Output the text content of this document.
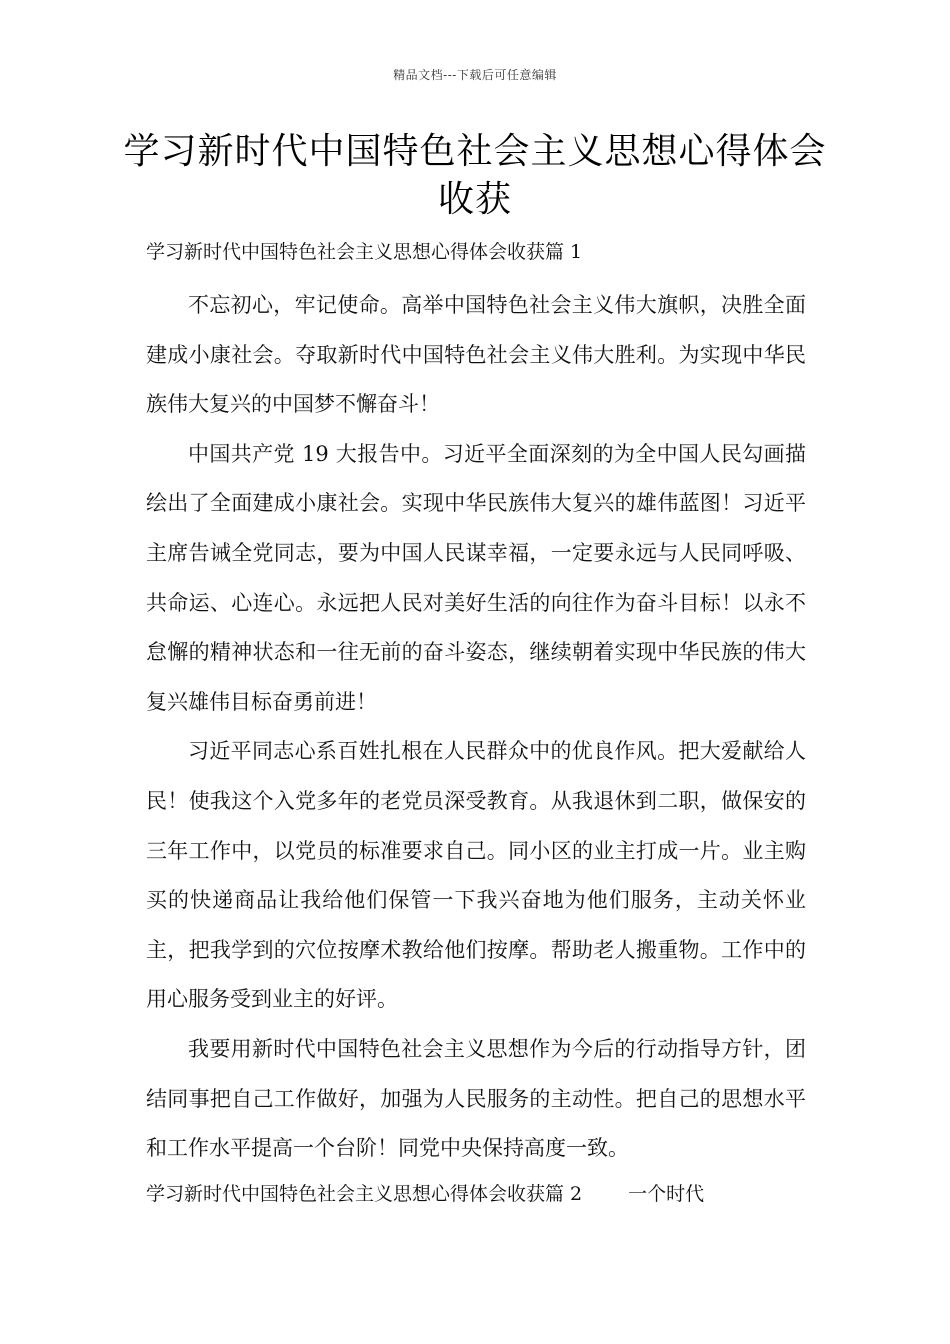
精品文档---下载后可任意编辑
学习新时代中国特色社会主义思想心得体会收获

学习新时代中国特色社会主义思想心得体会收获篇 1

不忘初心，牢记使命。高举中国特色社会主义伟大旗帜，决胜全面建成小康社会。夺取新时代中国特色社会主义伟大胜利。为实现中华民族伟大复兴的中国梦不懈奋斗！

中国共产党 19 大报告中。习近平全面深刻的为全中国人民勾画描绘出了全面建成小康社会。实现中华民族伟大复兴的雄伟蓝图！习近平主席告诫全党同志，要为中国人民谋幸福，一定要永远与人民同呼吸、共命运、心连心。永远把人民对美好生活的向往作为奋斗目标！以永不怠懈的精神状态和一往无前的奋斗姿态，继续朝着实现中华民族的伟大复兴雄伟目标奋勇前进！

习近平同志心系百姓扎根在人民群众中的优良作风。把大爱献给人民！使我这个入党多年的老党员深受教育。从我退休到二职，做保安的三年工作中，以党员的标准要求自己。同小区的业主打成一片。业主购买的快递商品让我给他们保管一下我兴奋地为他们服务，主动关怀业主，把我学到的穴位按摩术教给他们按摩。帮助老人搬重物。工作中的用心服务受到业主的好评。

我要用新时代中国特色社会主义思想作为今后的行动指导方针，团结同事把自己工作做好，加强为人民服务的主动性。把自己的思想水平和工作水平提高一个台阶！同党中央保持高度一致。

学习新时代中国特色社会主义思想心得体会收获篇 2 一个时代
